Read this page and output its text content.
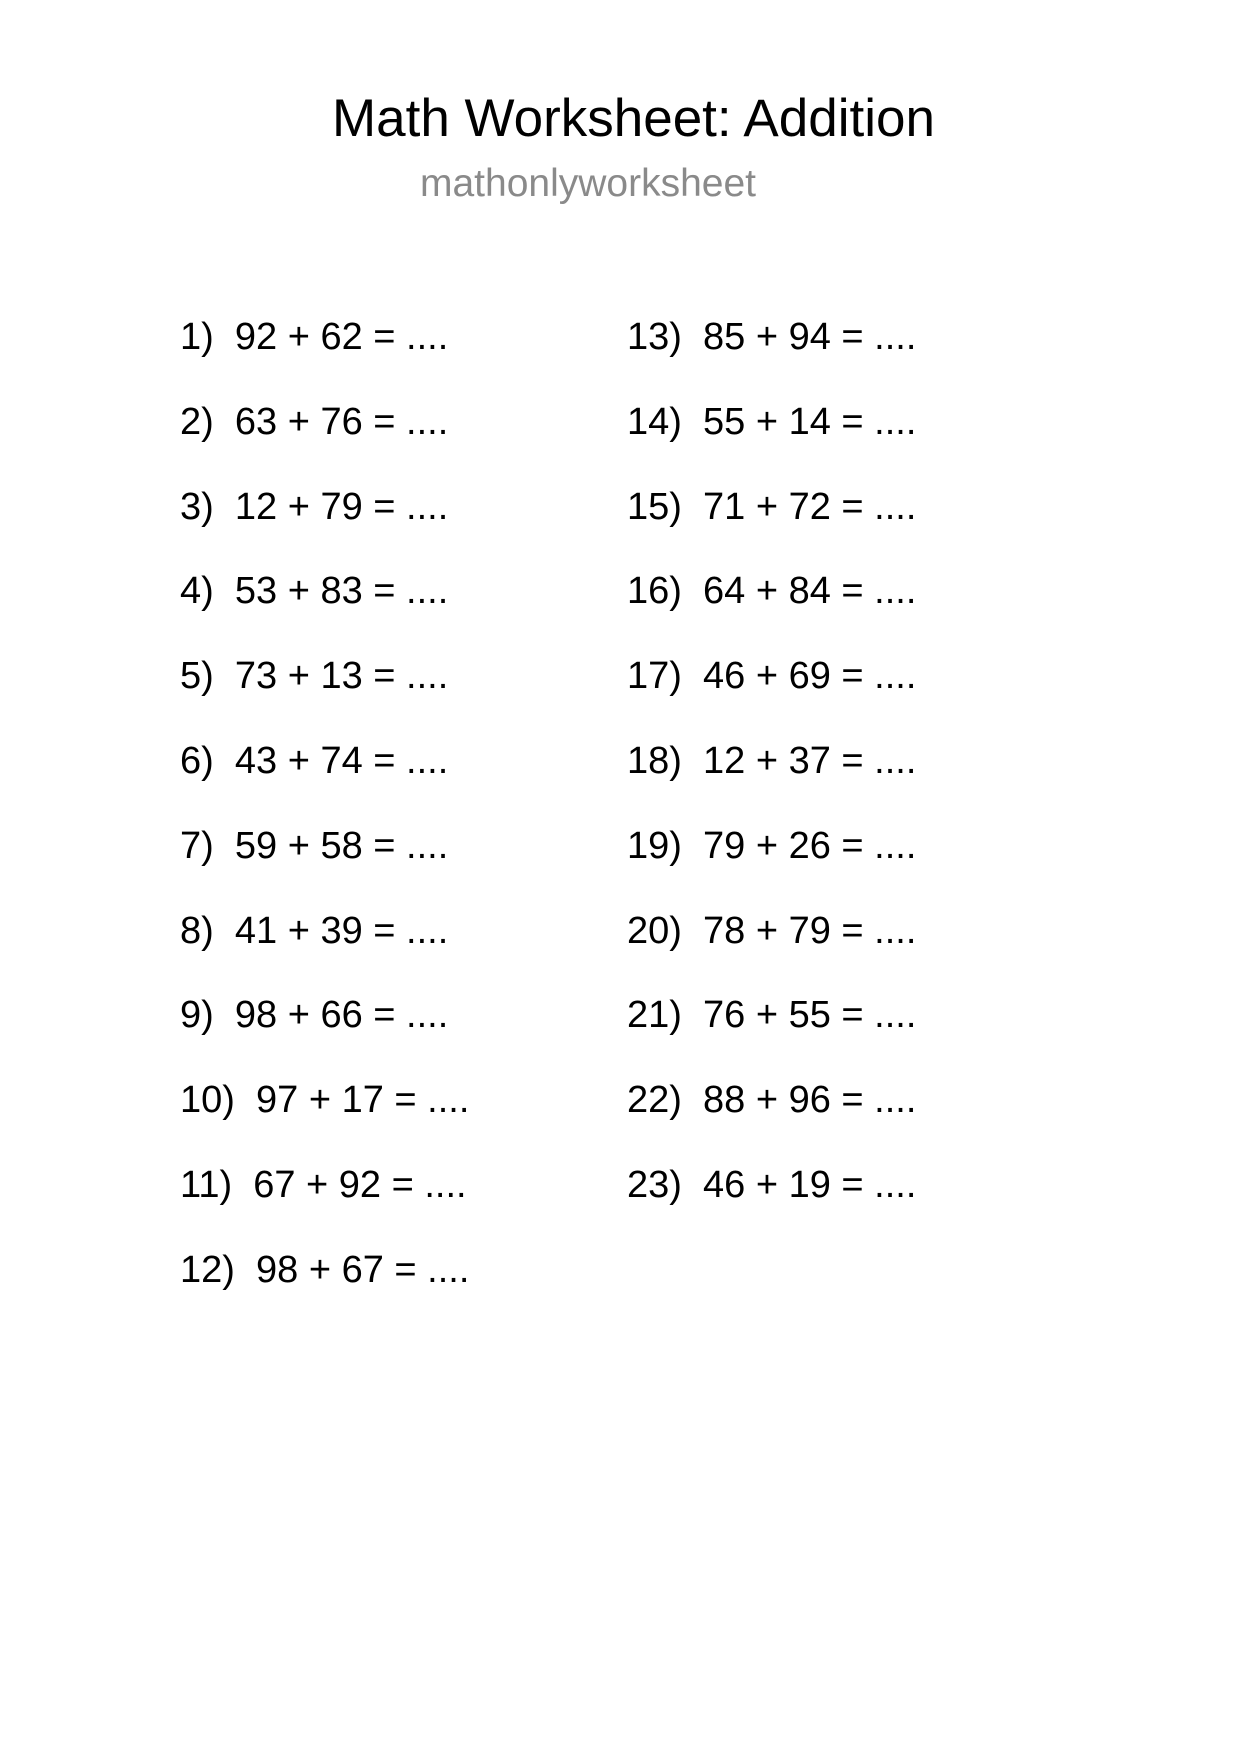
Math Worksheet: Addition
mathonlyworksheet
1)  92 + 62 = ....
2)  63 + 76 = ....
3)  12 + 79 = ....
4)  53 + 83 = ....
5)  73 + 13 = ....
6)  43 + 74 = ....
7)  59 + 58 = ....
8)  41 + 39 = ....
9)  98 + 66 = ....
10)  97 + 17 = ....
11)  67 + 92 = ....
12)  98 + 67 = ....
13)  85 + 94 = ....
14)  55 + 14 = ....
15)  71 + 72 = ....
16)  64 + 84 = ....
17)  46 + 69 = ....
18)  12 + 37 = ....
19)  79 + 26 = ....
20)  78 + 79 = ....
21)  76 + 55 = ....
22)  88 + 96 = ....
23)  46 + 19 = ....
